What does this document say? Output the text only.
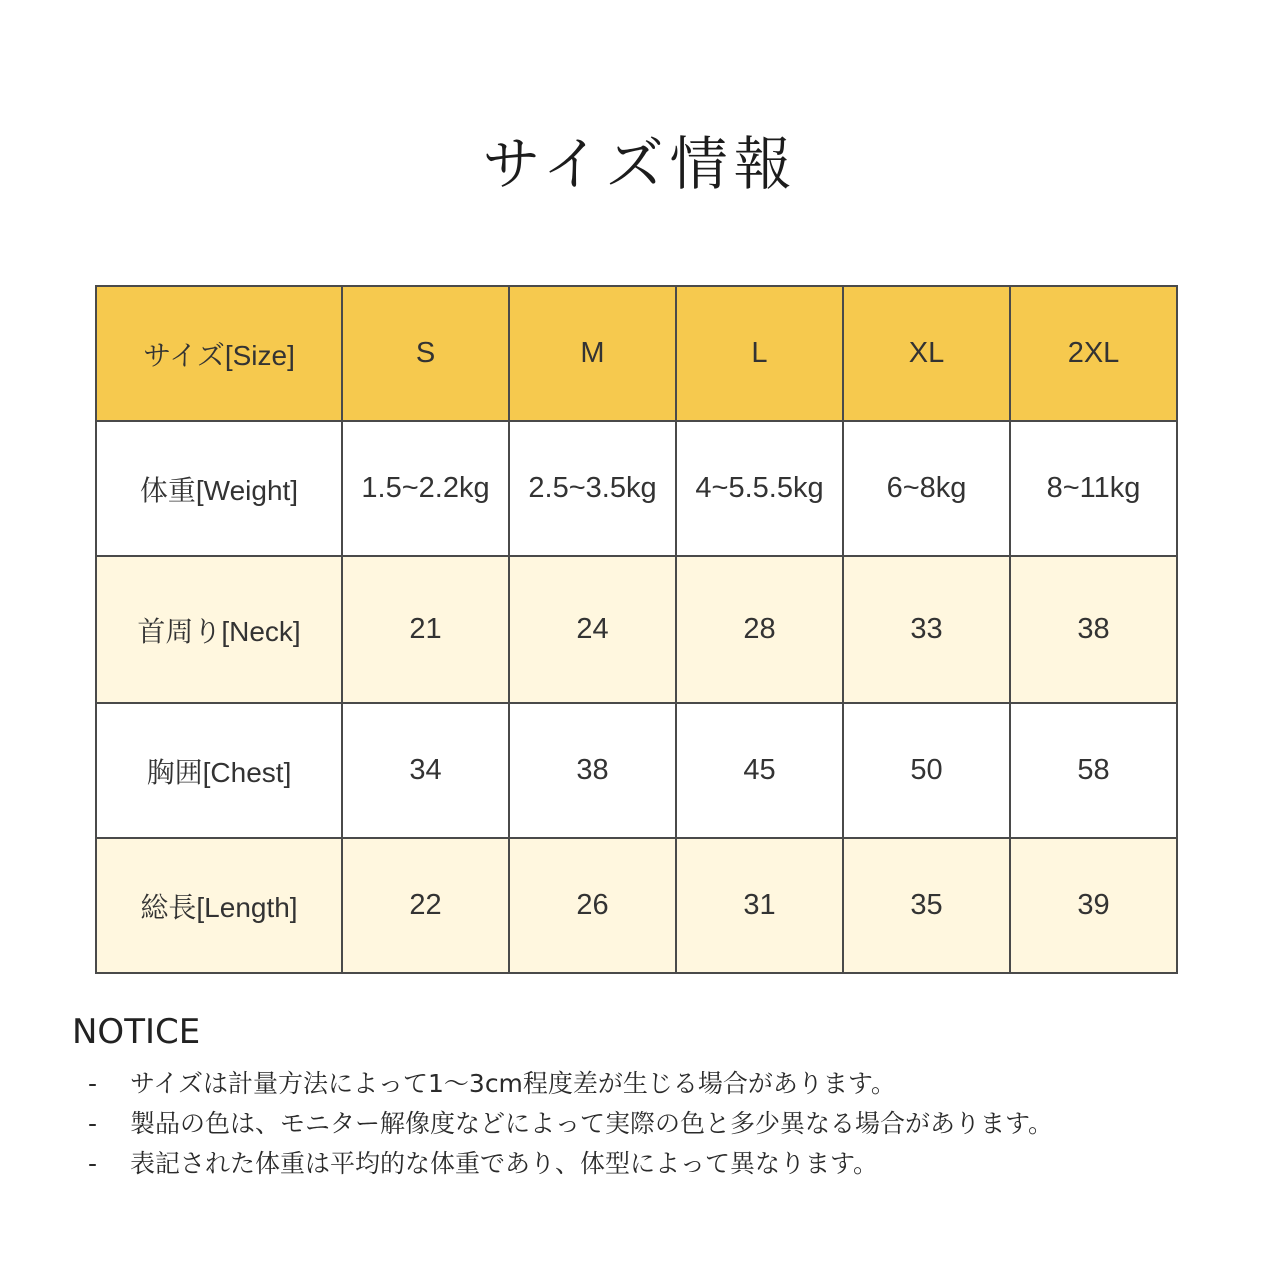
サイズ情報
サイズ[Size]	S	M	L	XL	2XL
体重[Weight]	1.5~2.2kg	2.5~3.5kg	4~5.5.5kg	6~8kg	8~11kg
首周り[Neck]	21	24	28	33	38
胸囲[Chest]	34	38	45	50	58
総長[Length]	22	26	31	35	39
NOTICE
- サイズは計量方法によって1～3cm程度差が生じる場合があります。
- 製品の色は、モニター解像度などによって実際の色と多少異なる場合があります。
- 表記された体重は平均的な体重であり、体型によって異なります。
